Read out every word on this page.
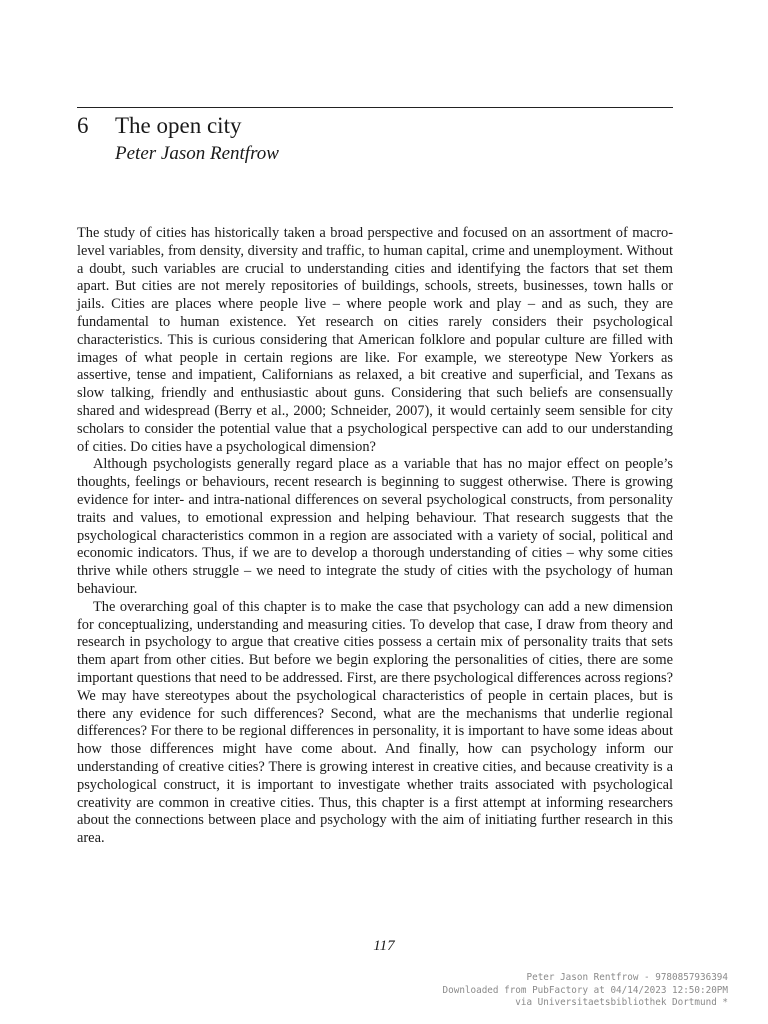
6 The open city
Peter Jason Rentfrow

The study of cities has historically taken a broad perspective and focused on an assortment of macro-level variables, from density, diversity and traffic, to human capital, crime and unemployment. Without a doubt, such variables are crucial to understanding cities and identifying the factors that set them apart. But cities are not merely repositories of buildings, schools, streets, businesses, town halls or jails. Cities are places where people live – where people work and play – and as such, they are fundamental to human existence. Yet research on cities rarely considers their psychological characteristics. This is curious considering that American folklore and popular culture are filled with images of what people in certain regions are like. For example, we stereotype New Yorkers as assertive, tense and impatient, Californians as relaxed, a bit creative and superficial, and Texans as slow talking, friendly and enthusiastic about guns. Considering that such beliefs are consensually shared and widespread (Berry et al., 2000; Schneider, 2007), it would certainly seem sensible for city scholars to consider the potential value that a psychological perspective can add to our understanding of cities. Do cities have a psychological dimension?

Although psychologists generally regard place as a variable that has no major effect on people’s thoughts, feelings or behaviours, recent research is beginning to suggest otherwise. There is growing evidence for inter- and intra-national differences on several psychological constructs, from personality traits and values, to emotional expression and helping behaviour. That research suggests that the psychological characteristics common in a region are associated with a variety of social, political and economic indicators. Thus, if we are to develop a thorough understanding of cities – why some cities thrive while others struggle – we need to integrate the study of cities with the psychology of human behaviour.

The overarching goal of this chapter is to make the case that psychology can add a new dimension for conceptualizing, understanding and measuring cities. To develop that case, I draw from theory and research in psychology to argue that creative cities possess a certain mix of personality traits that sets them apart from other cities. But before we begin exploring the personalities of cities, there are some important questions that need to be addressed. First, are there psychological differences across regions? We may have stereotypes about the psychological characteristics of people in certain places, but is there any evidence for such differences? Second, what are the mechanisms that underlie regional differences? For there to be regional differences in personality, it is important to have some ideas about how those differences might have come about. And finally, how can psychology inform our understanding of creative cities? There is growing interest in creative cities, and because creativity is a psychological construct, it is important to investigate whether traits associated with psychological creativity are common in creative cities. Thus, this chapter is a first attempt at informing researchers about the connections between place and psychology with the aim of initiating further research in this area.

117
Peter Jason Rentfrow - 9780857936394
Downloaded from PubFactory at 04/14/2023 12:50:20PM
via Universitaetsbibliothek Dortmund *
